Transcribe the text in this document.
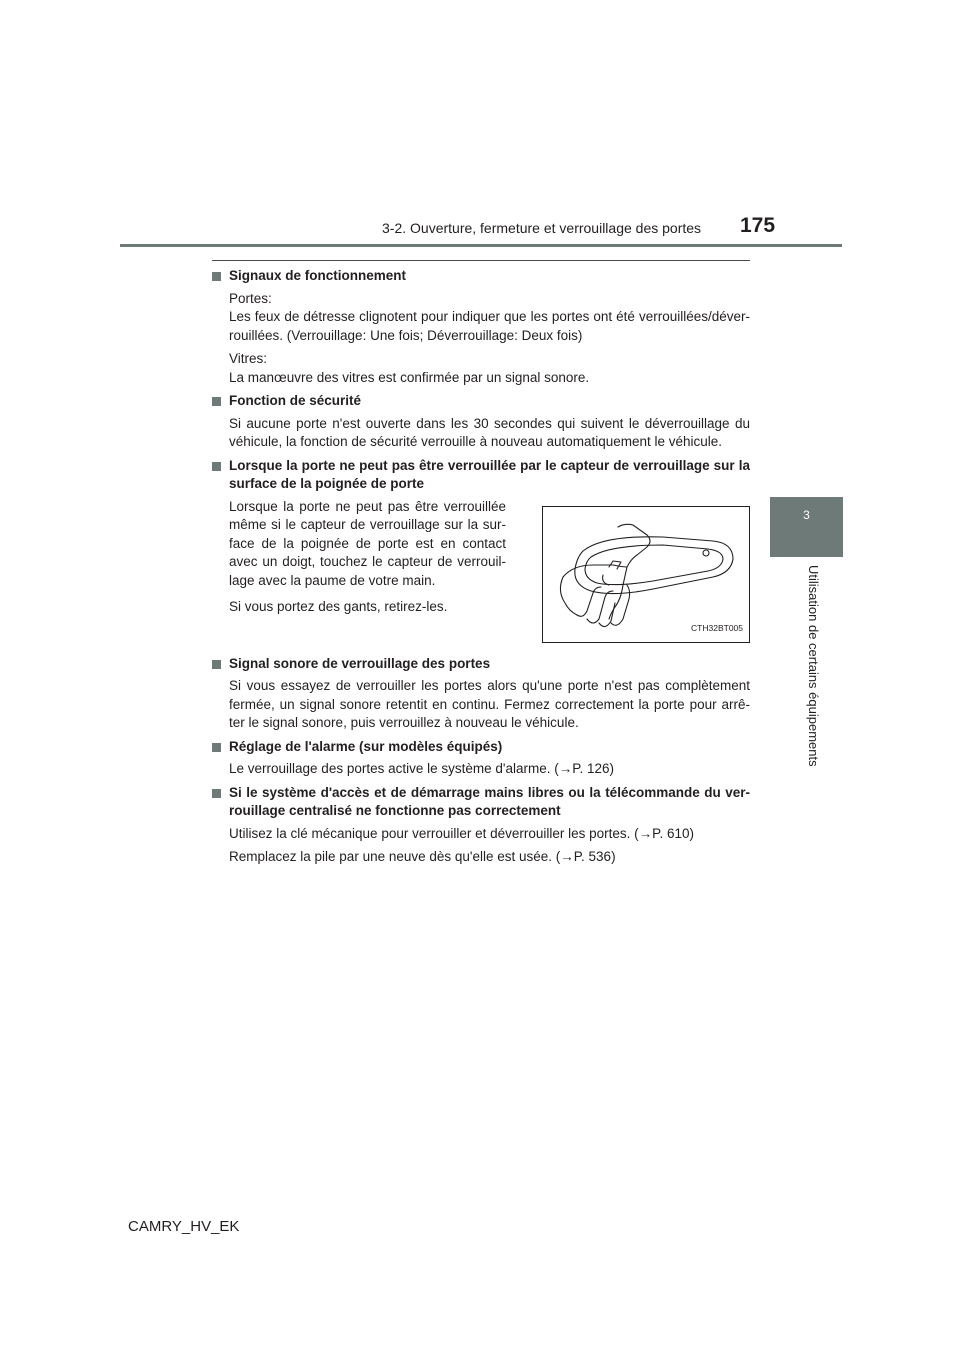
3-2. Ouverture, fermeture et verrouillage des portes 175
3
Utilisation de certains équipements
Signaux de fonctionnement
Portes:
Les feux de détresse clignotent pour indiquer que les portes ont été verrouillées/déver-rouillées. (Verrouillage: Une fois; Déverrouillage: Deux fois)
Vitres:
La manœuvre des vitres est confirmée par un signal sonore.
Fonction de sécurité
Si aucune porte n'est ouverte dans les 30 secondes qui suivent le déverrouillage du véhicule, la fonction de sécurité verrouille à nouveau automatiquement le véhicule.
Lorsque la porte ne peut pas être verrouillée par le capteur de verrouillage sur la surface de la poignée de porte
Lorsque la porte ne peut pas être verrouillée même si le capteur de verrouillage sur la sur-face de la poignée de porte est en contact avec un doigt, touchez le capteur de verrouil-lage avec la paume de votre main.
Si vous portez des gants, retirez-les.
CTH32BT005
Signal sonore de verrouillage des portes
Si vous essayez de verrouiller les portes alors qu'une porte n'est pas complètement fermée, un signal sonore retentit en continu. Fermez correctement la porte pour arrê-ter le signal sonore, puis verrouillez à nouveau le véhicule.
Réglage de l'alarme (sur modèles équipés)
Le verrouillage des portes active le système d'alarme. (→P. 126)
Si le système d'accès et de démarrage mains libres ou la télécommande du ver-rouillage centralisé ne fonctionne pas correctement
Utilisez la clé mécanique pour verrouiller et déverrouiller les portes. (→P. 610)
Remplacez la pile par une neuve dès qu'elle est usée. (→P. 536)
CAMRY_HV_EK
